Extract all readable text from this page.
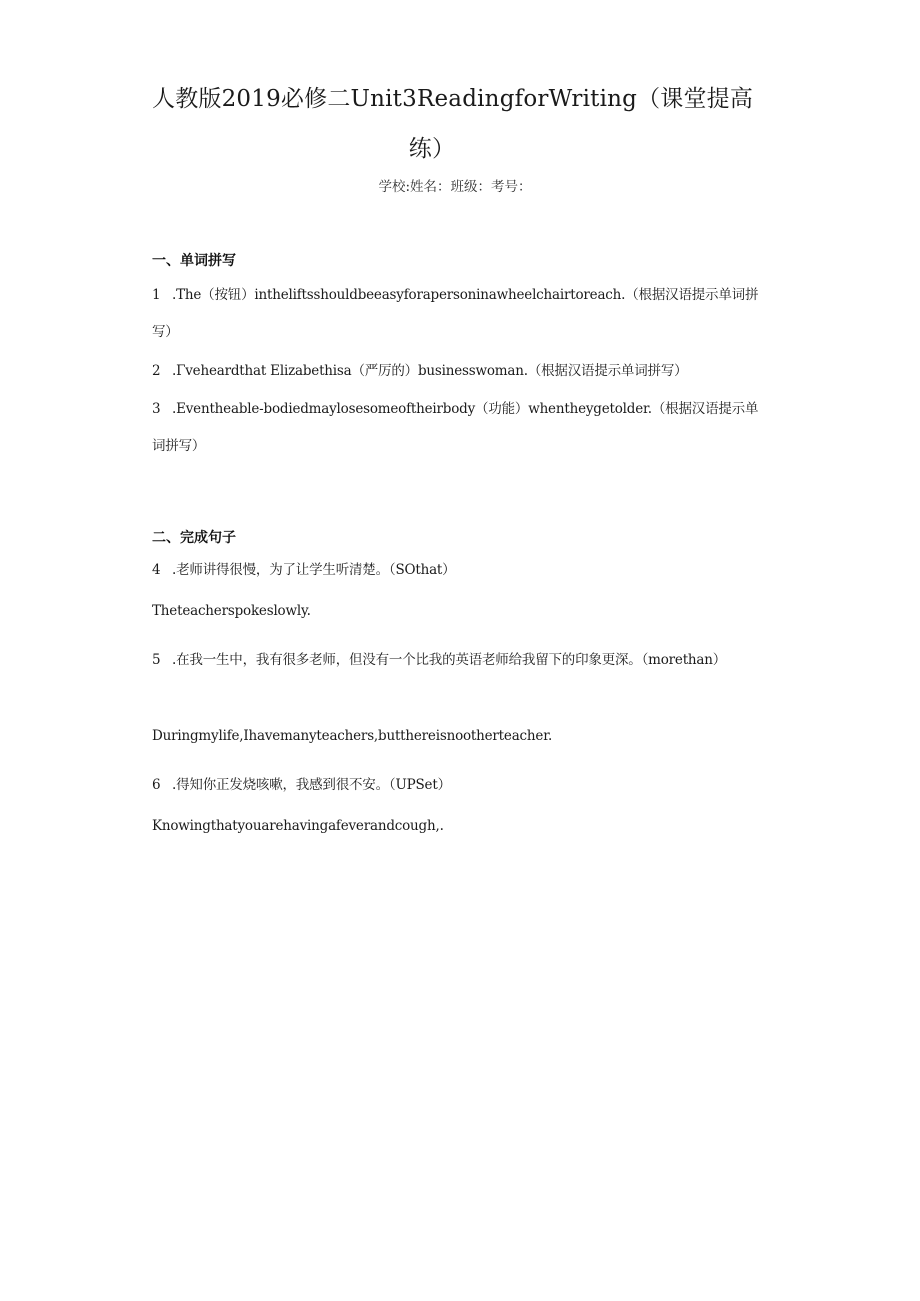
人教版2019必修二Unit3ReadingforWriting（课堂提高
练）
学校:姓名：班级：考号：
一、单词拼写
1 .The（按钮）intheliftsshouldbeeasyforapersoninawheelchairtoreach.（根据汉语提示单词拼写）
2 .Γveheardthat Elizabethisa（严厉的）businesswoman.（根据汉语提示单词拼写）
3 .Eventheable-bodiedmaylosesomeoftheirbody（功能）whentheygetolder.（根据汉语提示单词拼写）
二、完成句子
4 .老师讲得很慢，为了让学生听清楚。（SOthat）
Theteacherspokeslowly.
5 .在我一生中，我有很多老师，但没有一个比我的英语老师给我留下的印象更深。（morethan）
Duringmylife,Ihavemanyteachers,butthereisnootherteacher.
6 .得知你正发烧咳嗽，我感到很不安。（UPSet）
Knowingthatyouarehavingafeverandcough,.
